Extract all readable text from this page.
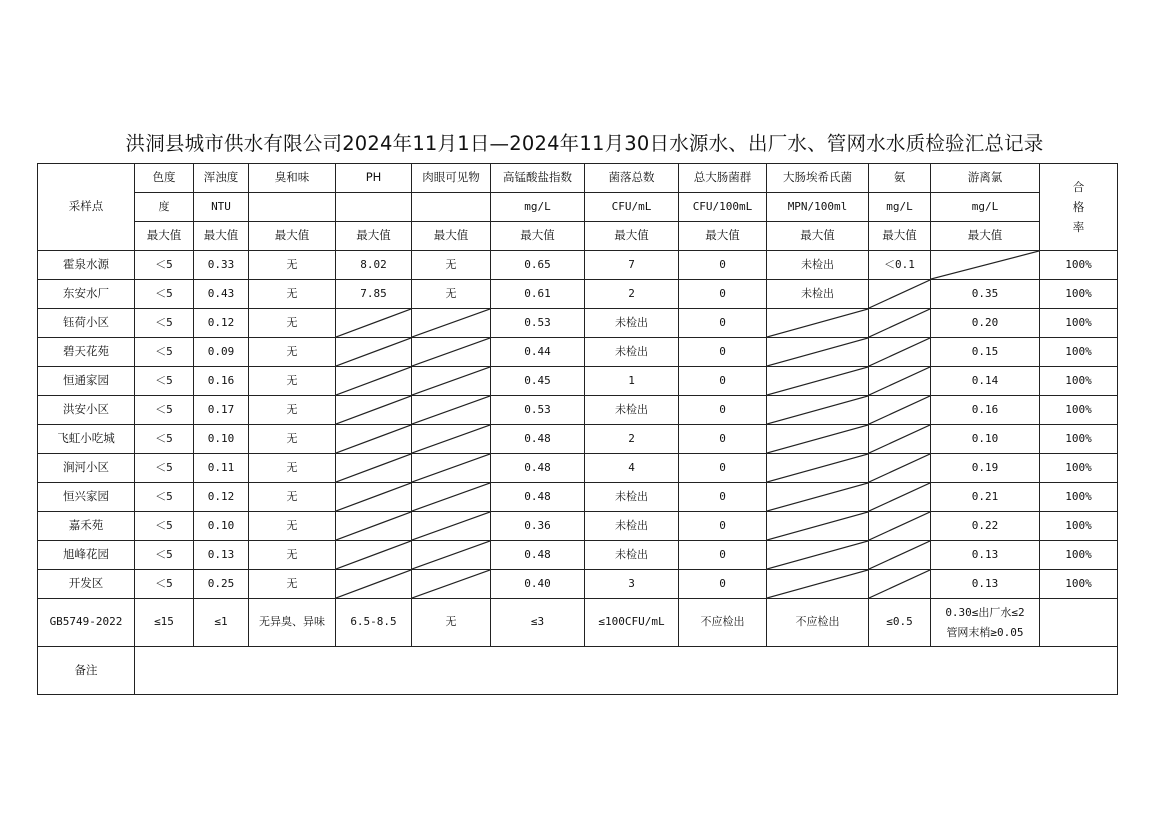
洪洞县城市供水有限公司2024年11月1日—2024年11月30日水源水、出厂水、管网水水质检验汇总记录
采样点	色度	浑浊度	臭和味	PH	肉眼可见物	高锰酸盐指数	菌落总数	总大肠菌群	大肠埃希氏菌	氨	游离氯	合
格
率

	度	NTU				mg/L	CFU/mL	CFU/100mL	MPN/100ml	mg/L	mg/L	
	最大值	最大值	最大值	最大值	最大值	最大值	最大值	最大值	最大值	最大值	最大值	
霍泉水源	＜5	0.33	无	8.02	无	0.65	7	0	未检出	＜0.1		100%
东安水厂	＜5	0.43	无	7.85	无	0.61	2	0	未检出		0.35	100%
钰荷小区	＜5	0.12	无			0.53	未检出	0			0.20	100%
碧天花苑	＜5	0.09	无			0.44	未检出	0			0.15	100%
恒通家园	＜5	0.16	无			0.45	1	0			0.14	100%
洪安小区	＜5	0.17	无			0.53	未检出	0			0.16	100%
飞虹小吃城	＜5	0.10	无			0.48	2	0			0.10	100%
涧河小区	＜5	0.11	无			0.48	4	0			0.19	100%
恒兴家园	＜5	0.12	无			0.48	未检出	0			0.21	100%
嘉禾苑	＜5	0.10	无			0.36	未检出	0			0.22	100%
旭峰花园	＜5	0.13	无			0.48	未检出	0			0.13	100%
开发区	＜5	0.25	无			0.40	3	0			0.13	100%
GB5749-2022	≤15	≤1	无异臭、异味	6.5-8.5	无	≤3	≤100CFU/mL	不应检出	不应检出	≤0.5	0.30≤出厂水≤2
管网末梢≥0.05	

备注												
